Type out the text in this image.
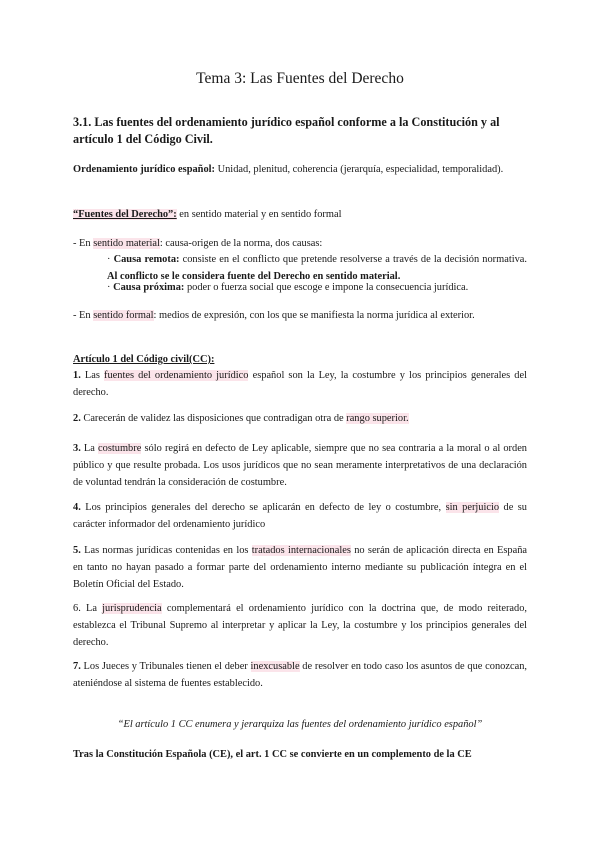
Tema 3: Las Fuentes del Derecho
3.1. Las fuentes del ordenamiento jurídico español conforme a la Constitución y al artículo 1 del Código Civil.
Ordenamiento jurídico español: Unidad, plenitud, coherencia (jerarquía, especialidad, temporalidad).
“Fuentes del Derecho”: en sentido material y en sentido formal
- En sentido material: causa-origen de la norma, dos causas:
· Causa remota: consiste en el conflicto que pretende resolverse a través de la decisión normativa. Al conflicto se le considera fuente del Derecho en sentido material.
· Causa próxima: poder o fuerza social que escoge e impone la consecuencia jurídica.
- En sentido formal: medios de expresión, con los que se manifiesta la norma jurídica al exterior.
Artículo 1 del Código civil(CC):
1. Las fuentes del ordenamiento jurídico español son la Ley, la costumbre y los principios generales del derecho.
2. Carecerán de validez las disposiciones que contradigan otra de rango superior.
3. La costumbre sólo regirá en defecto de Ley aplicable, siempre que no sea contraria a la moral o al orden público y que resulte probada. Los usos jurídicos que no sean meramente interpretativos de una declaración de voluntad tendrán la consideración de costumbre.
4. Los principios generales del derecho se aplicarán en defecto de ley o costumbre, sin perjuicio de su carácter informador del ordenamiento jurídico
5. Las normas jurídicas contenidas en los tratados internacionales no serán de aplicación directa en España en tanto no hayan pasado a formar parte del ordenamiento interno mediante su publicación íntegra en el Boletín Oficial del Estado.
6. La jurisprudencia complementará el ordenamiento jurídico con la doctrina que, de modo reiterado, establezca el Tribunal Supremo al interpretar y aplicar la Ley, la costumbre y los principios generales del derecho.
7. Los Jueces y Tribunales tienen el deber inexcusable de resolver en todo caso los asuntos de que conozcan, ateniéndose al sistema de fuentes establecido.
“El artículo 1 CC enumera y jerarquiza las fuentes del ordenamiento jurídico español”
Tras la Constitución Española (CE), el art. 1 CC se convierte en un complemento de la CE
